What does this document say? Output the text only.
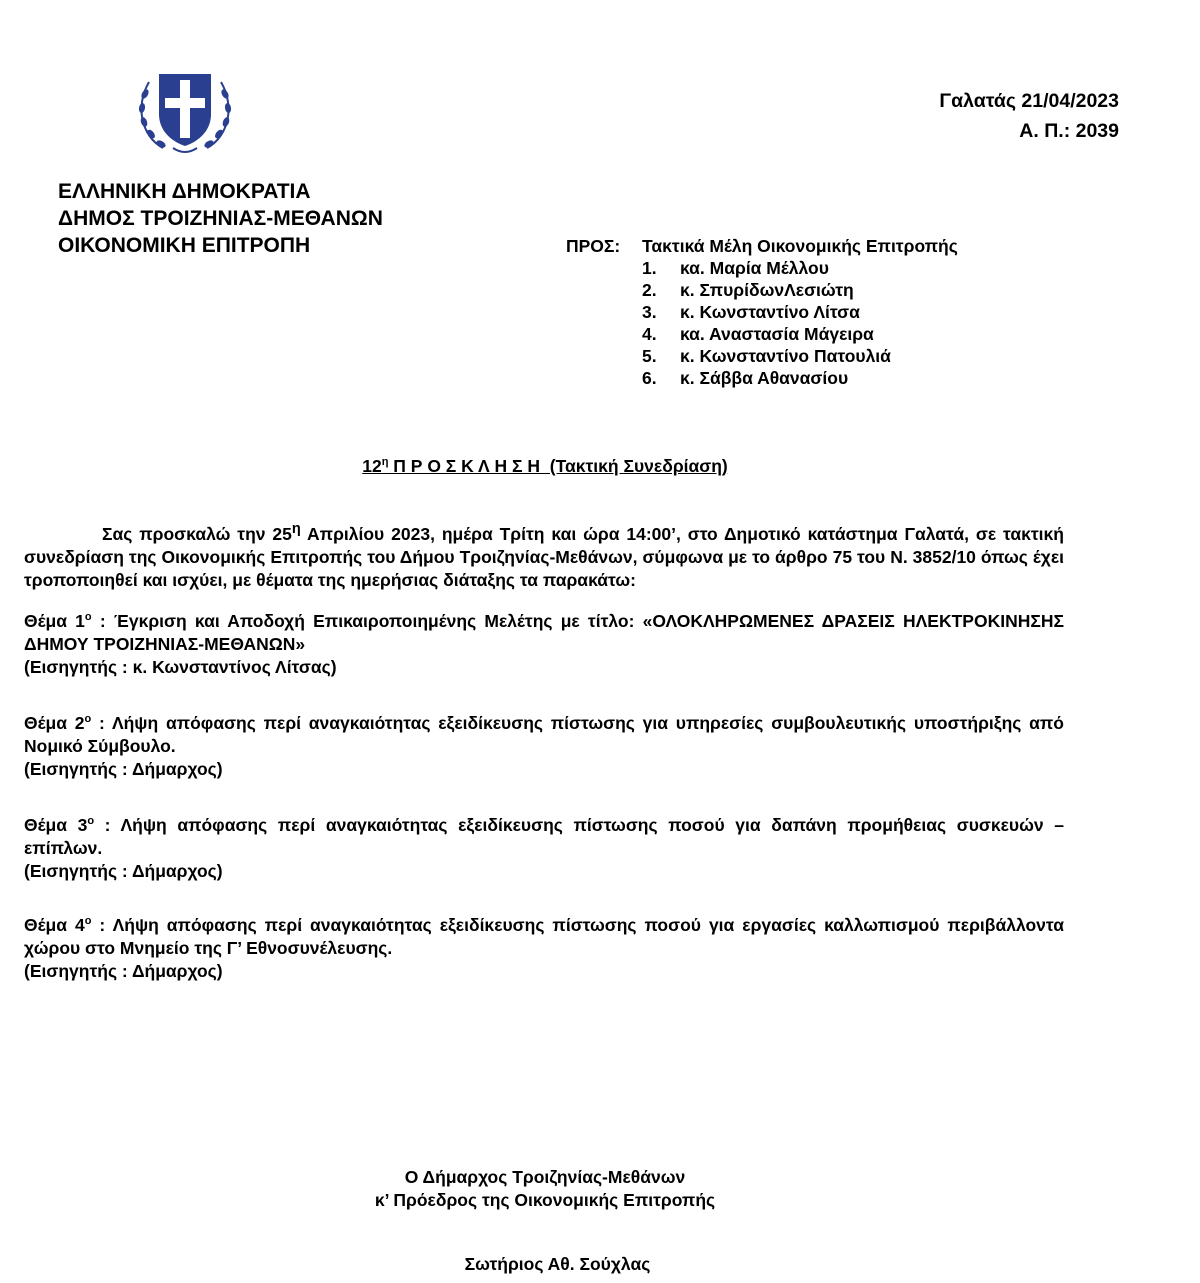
Γαλατάς 21/04/2023
Α. Π.: 2039
ΕΛΛΗΝΙΚΗ ΔΗΜΟΚΡΑΤΙΑ
ΔΗΜΟΣ ΤΡΟΙΖΗΝΙΑΣ-ΜΕΘΑΝΩΝ
ΟΙΚΟΝΟΜΙΚΗ ΕΠΙΤΡΟΠΗ	ΠΡΟΣ:	Τακτικά Μέλη Οικονομικής Επιτροπής
1.	κα. Μαρία Μέλλου
2.	κ. ΣπυρίδωνΛεσιώτη
3.	κ. Κωνσταντίνο Λίτσα
4.	κα. Αναστασία Μάγειρα
5.	κ. Κωνσταντίνο Πατουλιά
6.	κ. Σάββα Αθανασίου
$12^\eta$ Π Ρ Ο Σ Κ Λ Η Σ Η  (Τακτική Συνεδρίαση)
Σας προσκαλώ την $25^\eta$ Απριλίου 2023, ημέρα Τρίτη και ώρα 14:00’, στο Δημοτικό κατάστημα Γαλατά, σε τακτική συνεδρίαση της Οικονομικής Επιτροπής του Δήμου Τροιζηνίας-Μεθάνων, σύμφωνα με το άρθρο 75 του Ν. 3852/10 όπως έχει τροποποιηθεί και ισχύει, με θέματα της ημερήσιας διάταξης τα παρακάτω:
Θέμα $1^o$ : Έγκριση και Αποδοχή Επικαιροποιημένης Μελέτης με τίτλο: «ΟΛΟΚΛΗΡΩΜΕΝΕΣ ΔΡΑΣΕΙΣ ΗΛΕΚΤΡΟΚΙΝΗΣΗΣ ΔΗΜΟΥ ΤΡΟΙΖΗΝΙΑΣ-ΜΕΘΑΝΩΝ»
(Εισηγητής : κ. Κωνσταντίνος Λίτσας)
Θέμα $2^o$ : Λήψη απόφασης περί αναγκαιότητας εξειδίκευσης πίστωσης για υπηρεσίες συμβουλευτικής υποστήριξης από Νομικό Σύμβουλο.
(Εισηγητής : Δήμαρχος)
Θέμα $3^o$ : Λήψη απόφασης περί αναγκαιότητας εξειδίκευσης πίστωσης ποσού για δαπάνη προμήθειας συσκευών – επίπλων.
(Εισηγητής : Δήμαρχος)
Θέμα $4^o$ : Λήψη απόφασης περί αναγκαιότητας εξειδίκευσης πίστωσης ποσού για εργασίες καλλωπισμού περιβάλλοντα χώρου στο Μνημείο της Γ’ Εθνοσυνέλευσης.
(Εισηγητής : Δήμαρχος)
Ο Δήμαρχος Τροιζηνίας-Μεθάνων
κ’ Πρόεδρος της Οικονομικής Επιτροπής
Σωτήριος Αθ. Σούχλας
